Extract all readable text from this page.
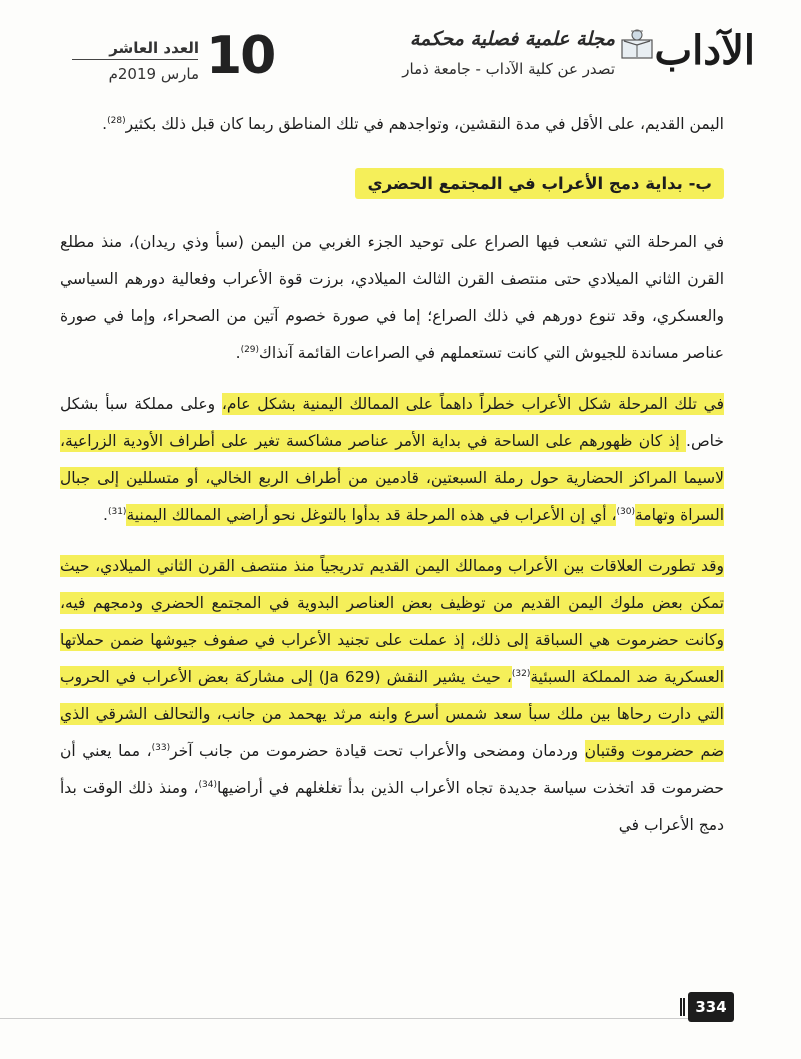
10
العدد العاشر
مارس 2019م	الآداب
مجلة علمية فصلية محكمة
تصدر عن كلية الآداب - جامعة ذمار

اليمن القديم، على الأقل في مدة النقشين، وتواجدهم في تلك المناطق ربما كان قبل ذلك بكثير$^{(28)}$.

ب- بداية دمج الأعراب في المجتمع الحضري

في المرحلة التي تشعب فيها الصراع على توحيد الجزء الغربي من اليمن (سبأ وذي ريدان)، منذ مطلع القرن الثاني الميلادي حتى منتصف القرن الثالث الميلادي، برزت قوة الأعراب وفعالية دورهم السياسي والعسكري، وقد تنوع دورهم في ذلك الصراع؛ إما في صورة خصوم آتين من الصحراء، وإما في صورة عناصر مساندة للجيوش التي كانت تستعملهم في الصراعات القائمة آنذاك$^{(29)}$.

في تلك المرحلة شكل الأعراب خطراً داهماً على الممالك اليمنية بشكل عام، وعلى مملكة سبأ بشكل خاص. إذ كان ظهورهم على الساحة في بداية الأمر عناصر مشاكسة تغير على أطراف الأودية الزراعية، لاسيما المراكز الحضارية حول رملة السبعتين، قادمين من أطراف الربع الخالي، أو متسللين إلى جبال السراة وتهامة$^{(30)}$، أي إن الأعراب في هذه المرحلة قد بدأوا بالتوغل نحو أراضي الممالك اليمنية$^{(31)}$.

وقد تطورت العلاقات بين الأعراب وممالك اليمن القديم تدريجياً منذ منتصف القرن الثاني الميلادي، حيث تمكن بعض ملوك اليمن القديم من توظيف بعض العناصر البدوية في المجتمع الحضري ودمجهم فيه، وكانت حضرموت هي السباقة إلى ذلك، إذ عملت على تجنيد الأعراب في صفوف جيوشها ضمن حملاتها العسكرية ضد المملكة السبئية$^{(32)}$، حيث يشير النقش (Ja 629) إلى مشاركة بعض الأعراب في الحروب التي دارت رحاها بين ملك سبأ سعد شمس أسرع وابنه مرثد يهحمد من جانب، والتحالف الشرقي الذي ضم حضرموت وقتبان وردمان ومضحى والأعراب تحت قيادة حضرموت من جانب آخر$^{(33)}$، مما يعني أن حضرموت قد اتخذت سياسة جديدة تجاه الأعراب الذين بدأ تغلغلهم في أراضيها$^{(34)}$، ومنذ ذلك الوقت بدأ دمج الأعراب في

334
